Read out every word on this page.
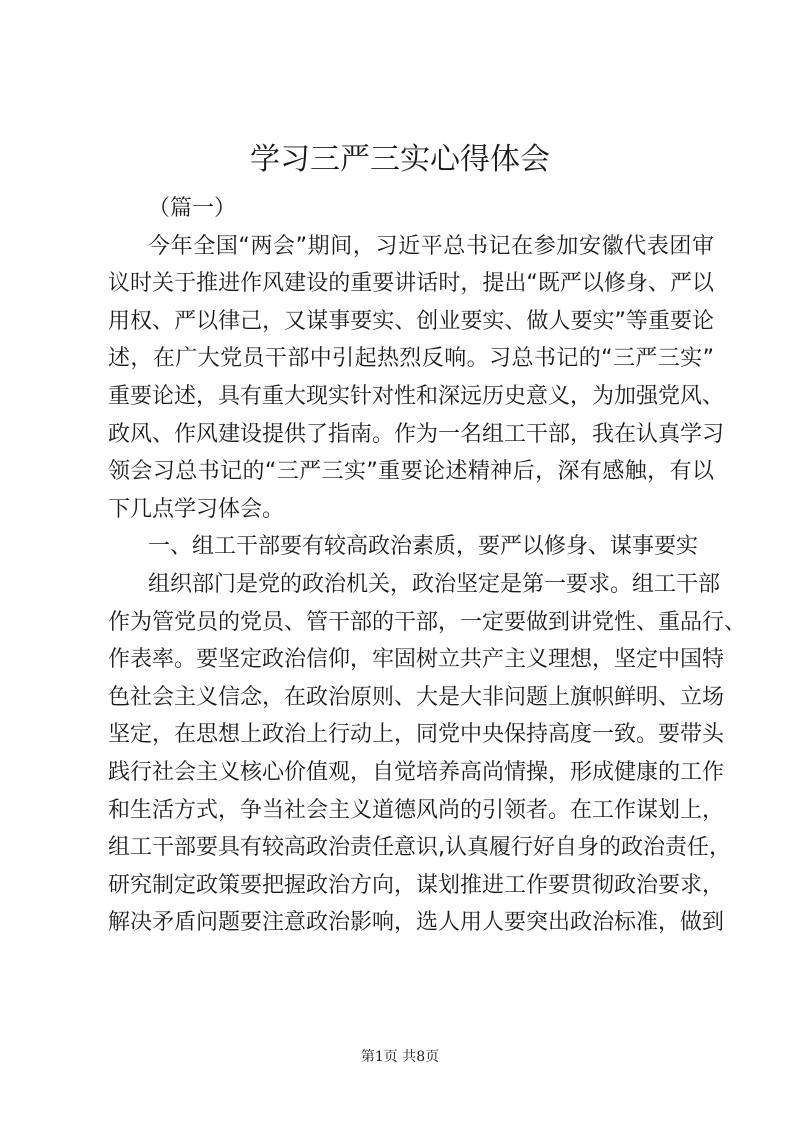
学习三严三实心得体会
（篇一）
今年全国“两会”期间，习近平总书记在参加安徽代表团审
议时关于推进作风建设的重要讲话时，提出“既严以修身、严以
用权、严以律己，又谋事要实、创业要实、做人要实”等重要论
述，在广大党员干部中引起热烈反响。习总书记的“三严三实”
重要论述，具有重大现实针对性和深远历史意义，为加强党风、
政风、作风建设提供了指南。作为一名组工干部，我在认真学习
领会习总书记的“三严三实”重要论述精神后，深有感触，有以
下几点学习体会。
一、组工干部要有较高政治素质，要严以修身、谋事要实
组织部门是党的政治机关，政治坚定是第一要求。组工干部
作为管党员的党员、管干部的干部，一定要做到讲党性、重品行、
作表率。要坚定政治信仰，牢固树立共产主义理想，坚定中国特
色社会主义信念，在政治原则、大是大非问题上旗帜鲜明、立场
坚定，在思想上政治上行动上，同党中央保持高度一致。要带头
践行社会主义核心价值观，自觉培养高尚情操，形成健康的工作
和生活方式，争当社会主义道德风尚的引领者。在工作谋划上，
组工干部要具有较高政治责任意识,认真履行好自身的政治责任，
研究制定政策要把握政治方向，谋划推进工作要贯彻政治要求，
解决矛盾问题要注意政治影响，选人用人要突出政治标准，做到
第1页 共8页
